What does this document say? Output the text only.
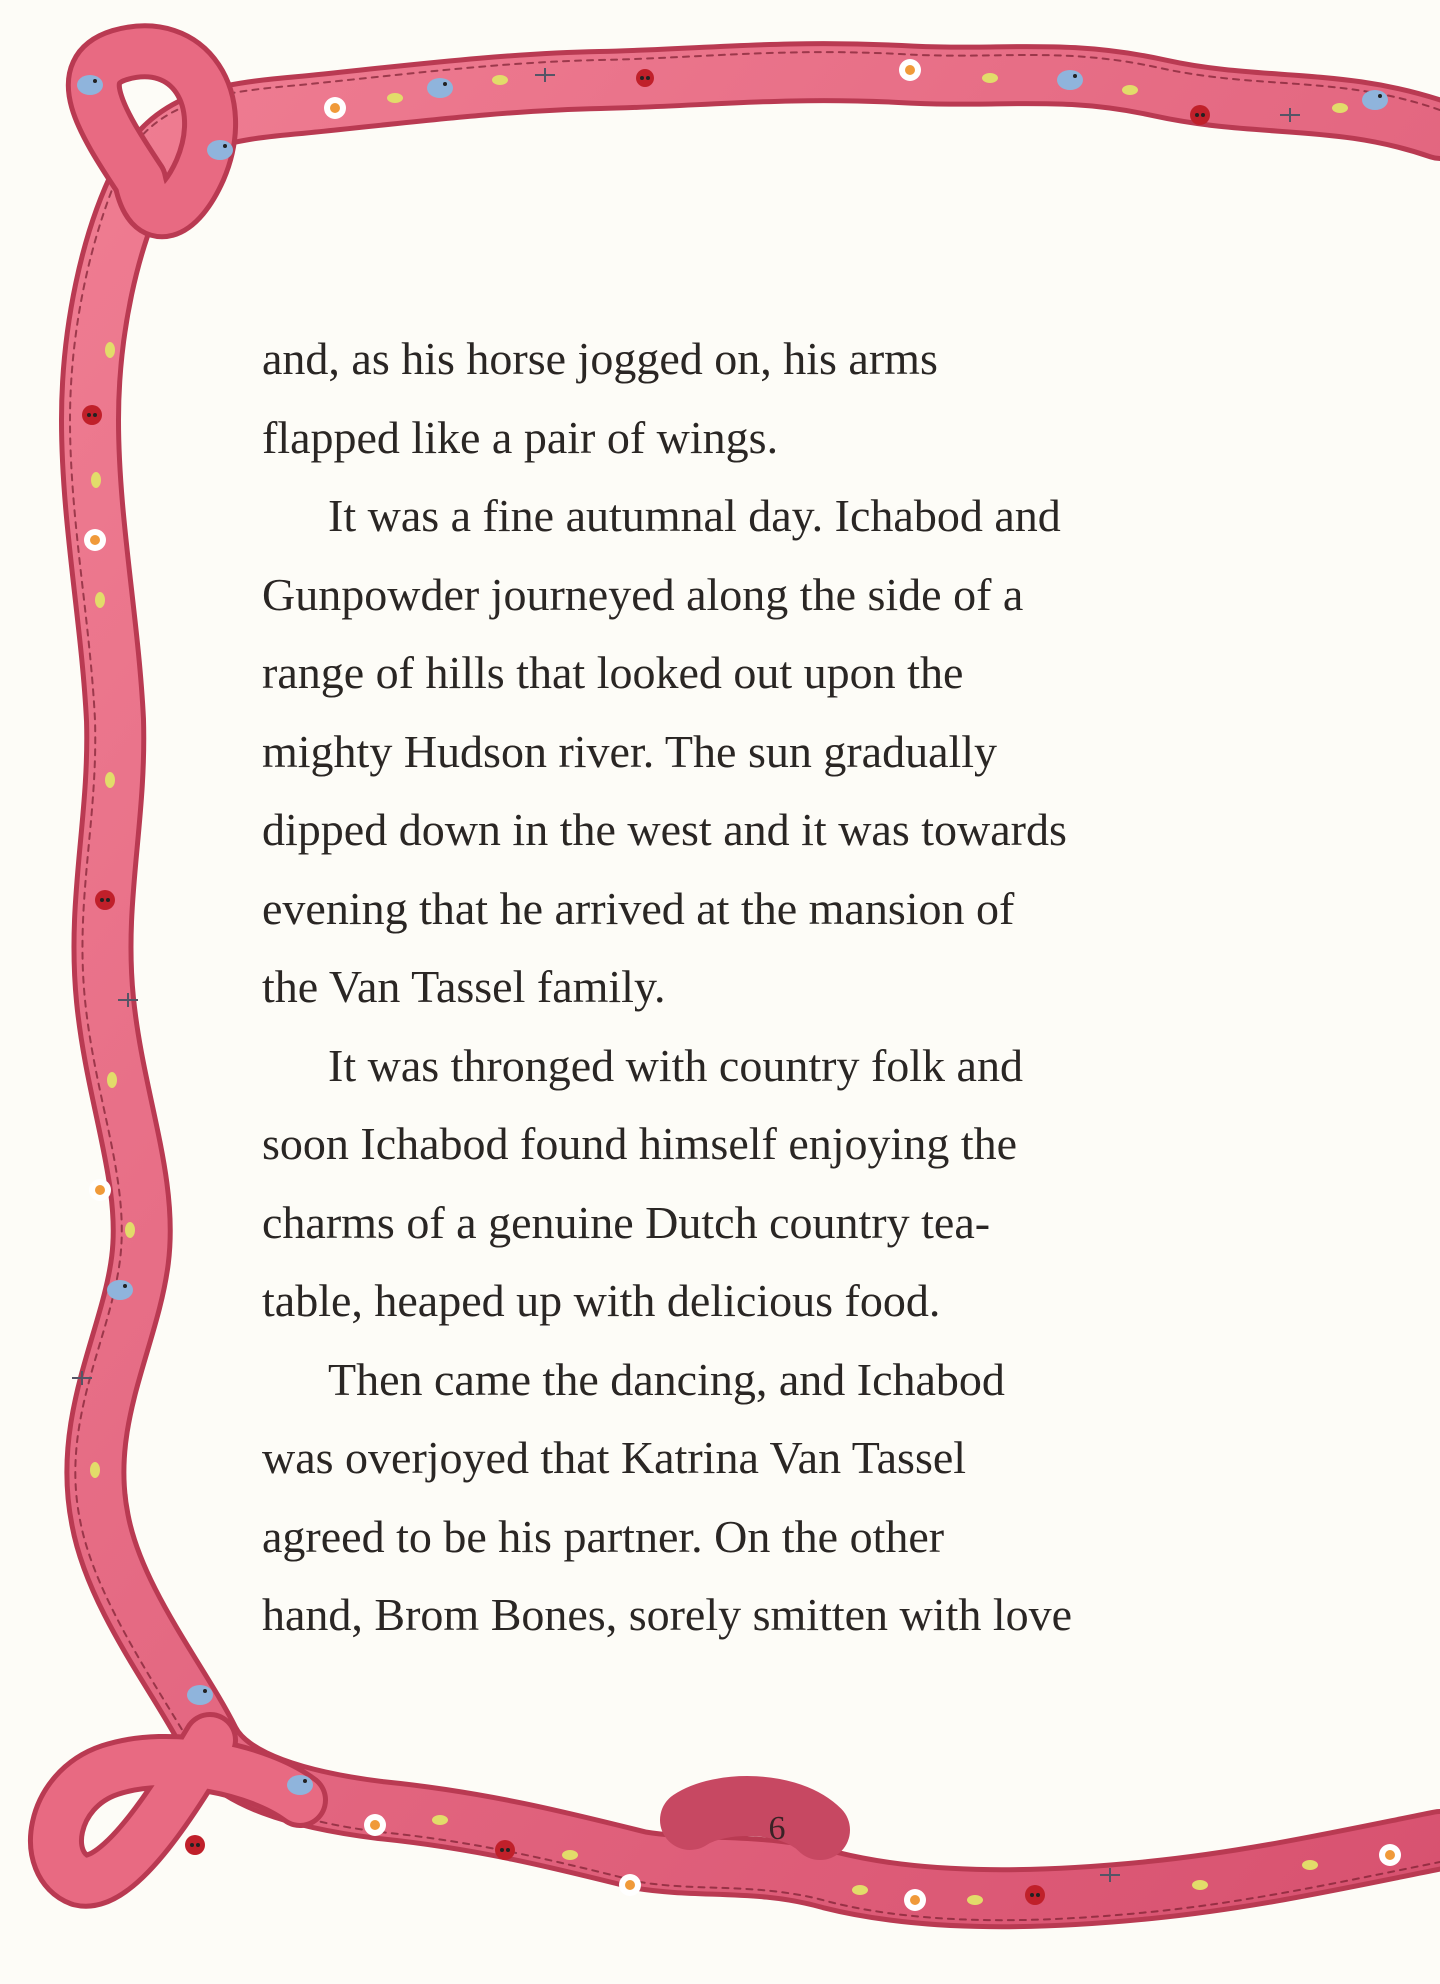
and, as his horse jogged on, his arms
flapped like a pair of wings.
It was a fine autumnal day. Ichabod and
Gunpowder journeyed along the side of a
range of hills that looked out upon the
mighty Hudson river. The sun gradually
dipped down in the west and it was towards
evening that he arrived at the mansion of
the Van Tassel family.
It was thronged with country folk and
soon Ichabod found himself enjoying the
charms of a genuine Dutch country tea-
table, heaped up with delicious food.
Then came the dancing, and Ichabod
was overjoyed that Katrina Van Tassel
agreed to be his partner. On the other
hand, Brom Bones, sorely smitten with love
6
